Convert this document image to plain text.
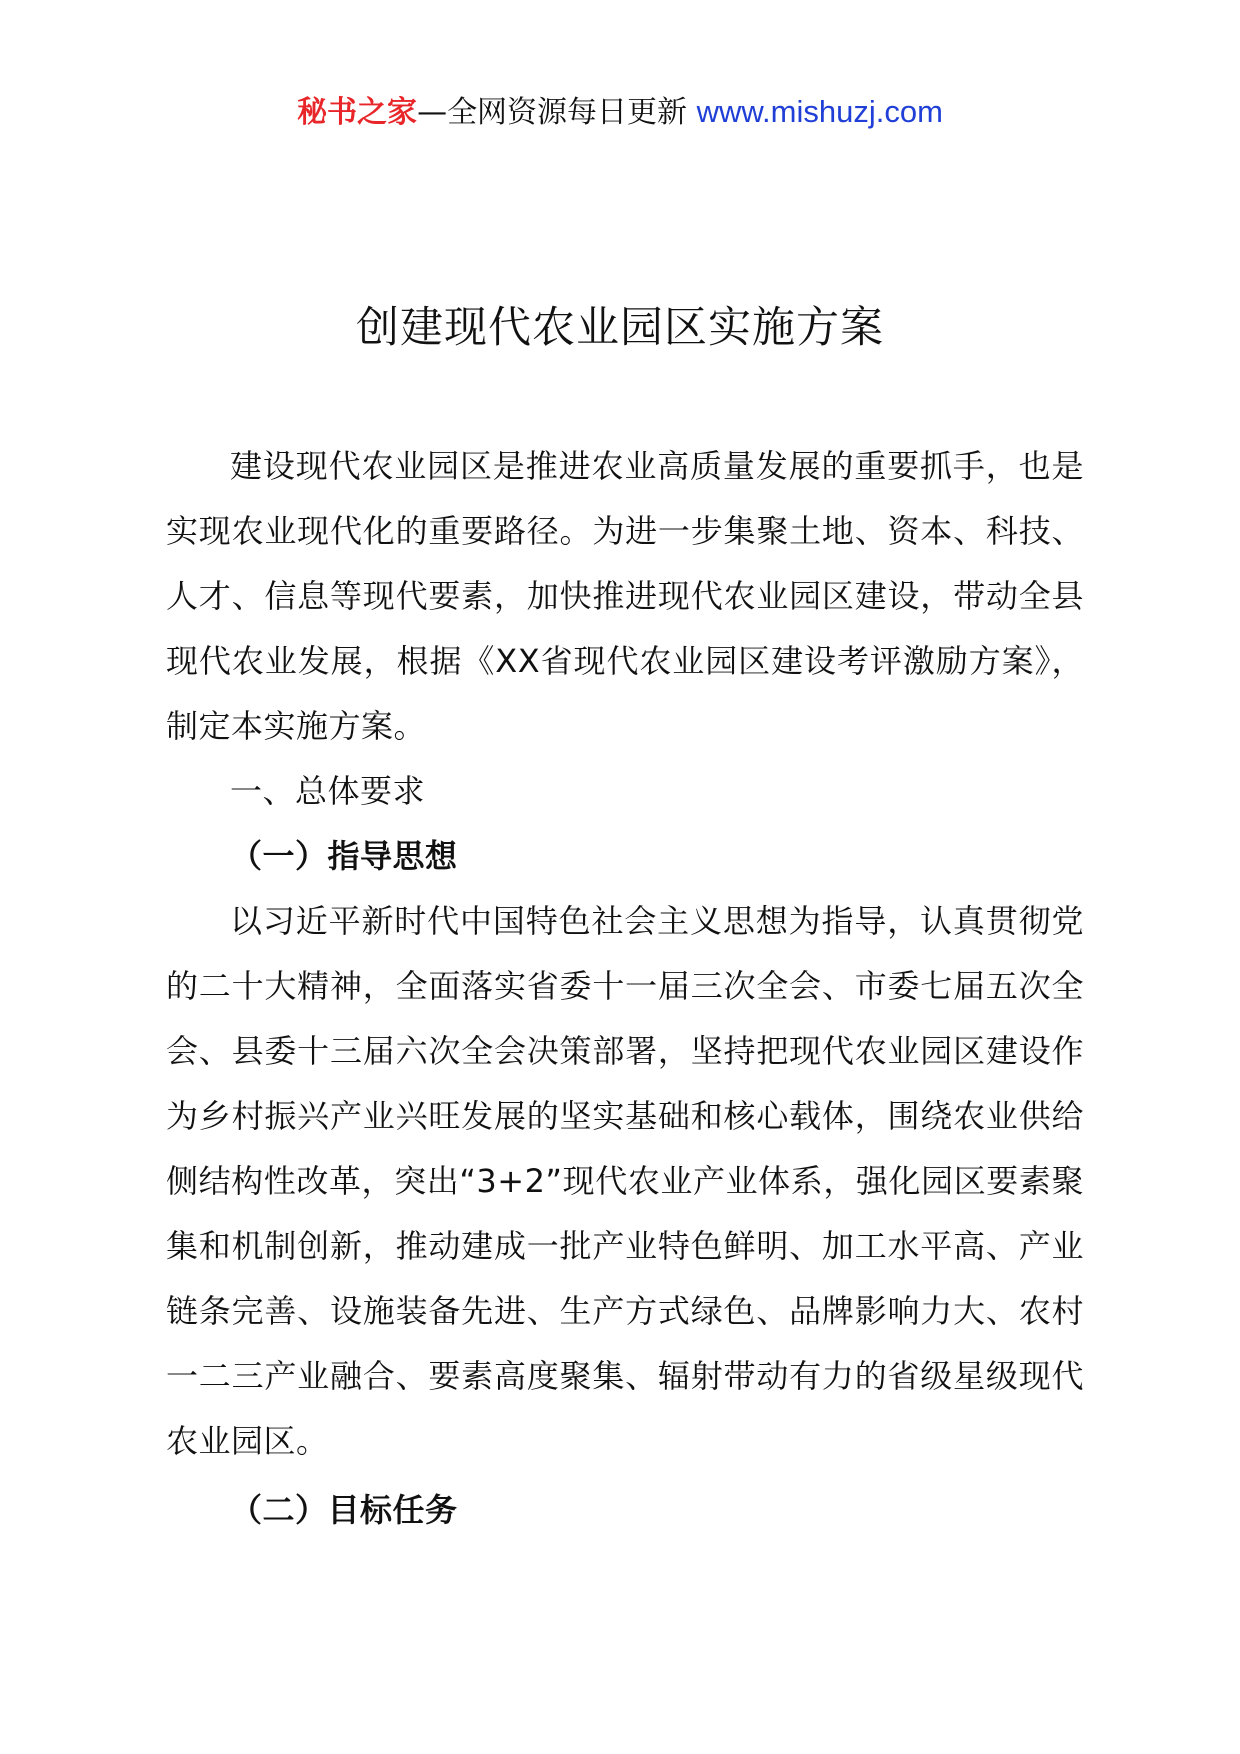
秘书之家—全网资源每日更新 www.mishuzj.com
创建现代农业园区实施方案

建设现代农业园区是推进农业高质量发展的重要抓手，也是实现农业现代化的重要路径。为进一步集聚土地、资本、科技、人才、信息等现代要素，加快推进现代农业园区建设，带动全县现代农业发展，根据《XX省现代农业园区建设考评激励方案》，制定本实施方案。

一、总体要求
（一）指导思想

以习近平新时代中国特色社会主义思想为指导，认真贯彻党的二十大精神，全面落实省委十一届三次全会、市委七届五次全会、县委十三届六次全会决策部署，坚持把现代农业园区建设作为乡村振兴产业兴旺发展的坚实基础和核心载体，围绕农业供给侧结构性改革，突出“3+2”现代农业产业体系，强化园区要素聚集和机制创新，推动建成一批产业特色鲜明、加工水平高、产业链条完善、设施装备先进、生产方式绿色、品牌影响力大、农村一二三产业融合、要素高度聚集、辐射带动有力的省级星级现代农业园区。

（二）目标任务
